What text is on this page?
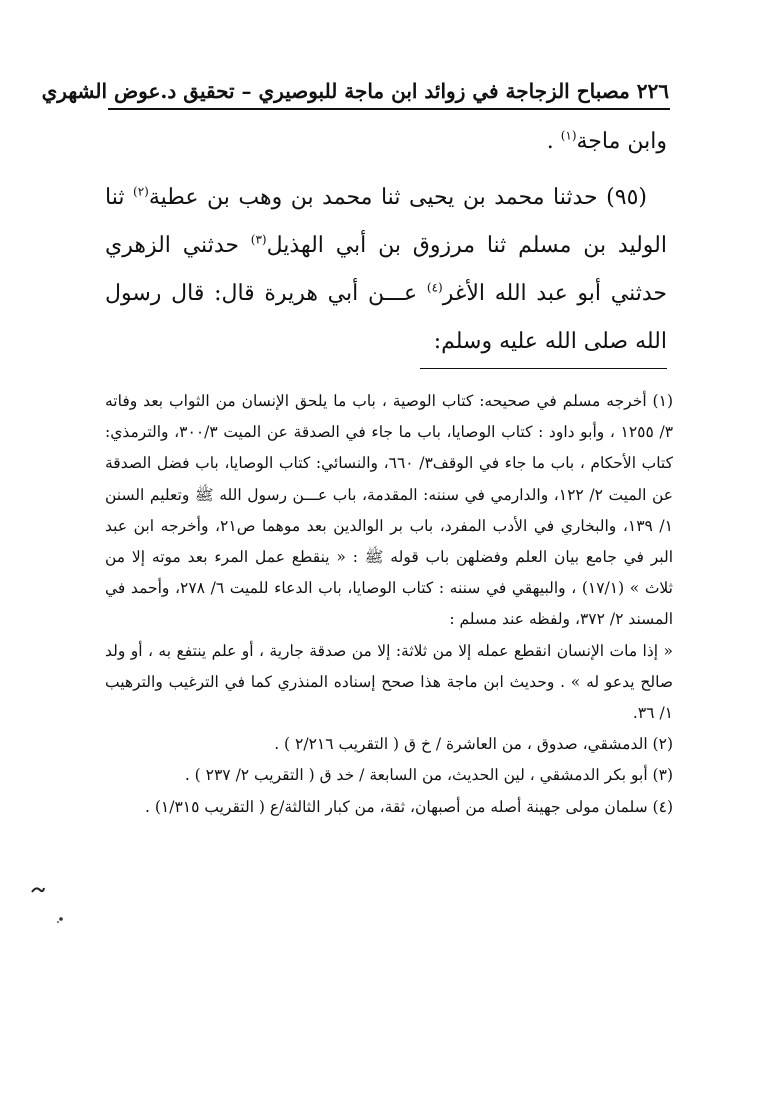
٢٢٦ مصباح الزجاجة في زوائد ابن ماجة للبوصيري – تحقيق د.عوض الشهري

وابن ماجة$^{(١)}$ .

(٩٥) حدثنا محمد بن يحيى ثنا محمد بن وهب بن عطية$^{(٢)}$ ثنا الوليد بن مسلم ثنا مرزوق بن أبي الهذيل$^{(٣)}$ حدثني الزهري حدثني أبو عبد الله الأغر$^{(٤)}$ عـــن أبي هريرة قال: قال رسول الله صلى الله عليه وسلم:

(١) أخرجه مسلم في صحيحه: كتاب الوصية ، باب ما يلحق الإنسان من الثواب بعد وفاته ٣/ ١٢٥٥ ، وأبو داود : كتاب الوصايا، باب ما جاء في الصدقة عن الميت ٣٠٠/٣، والترمذي: كتاب الأحكام ، باب ما جاء في الوقف٣/ ٦٦٠، والنسائي: كتاب الوصايا، باب فضل الصدقة عن الميت ٢/ ١٢٢، والدارمي في سننه: المقدمة، باب عـــن رسول الله ﷺ وتعليم السنن ١/ ١٣٩، والبخاري في الأدب المفرد، باب بر الوالدين بعد موهما ص٢١، وأخرجه ابن عبد البر في جامع بيان العلم وفضلهن باب قوله ﷺ : « ينقطع عمل المرء بعد موته إلا من ثلاث » (١٧/١) ، والبيهقي في سننه : كتاب الوصايا، باب الدعاء للميت ٦/ ٢٧٨، وأحمد في المسند ٢/ ٣٧٢، ولفظه عند مسلم :

« إذا مات الإنسان انقطع عمله إلا من ثلاثة: إلا من صدقة جارية ، أو علم ينتفع به ، أو ولد صالح يدعو له » . وحديث ابن ماجة هذا صحح إسناده المنذري كما في الترغيب والترهيب ١/ ٣٦.

(٢) الدمشقي، صدوق ، من العاشرة / خ ق ( التقريب ٢/٢١٦ ) .

(٣) أبو بكر الدمشقي ، لين الحديث، من السابعة / خد ق ( التقريب ٢/ ٢٣٧ ) .

(٤) سلمان مولى جهينة أصله من أصبهان، ثقة، من كبار الثالثة/ع ( التقريب ١/٣١٥) .
